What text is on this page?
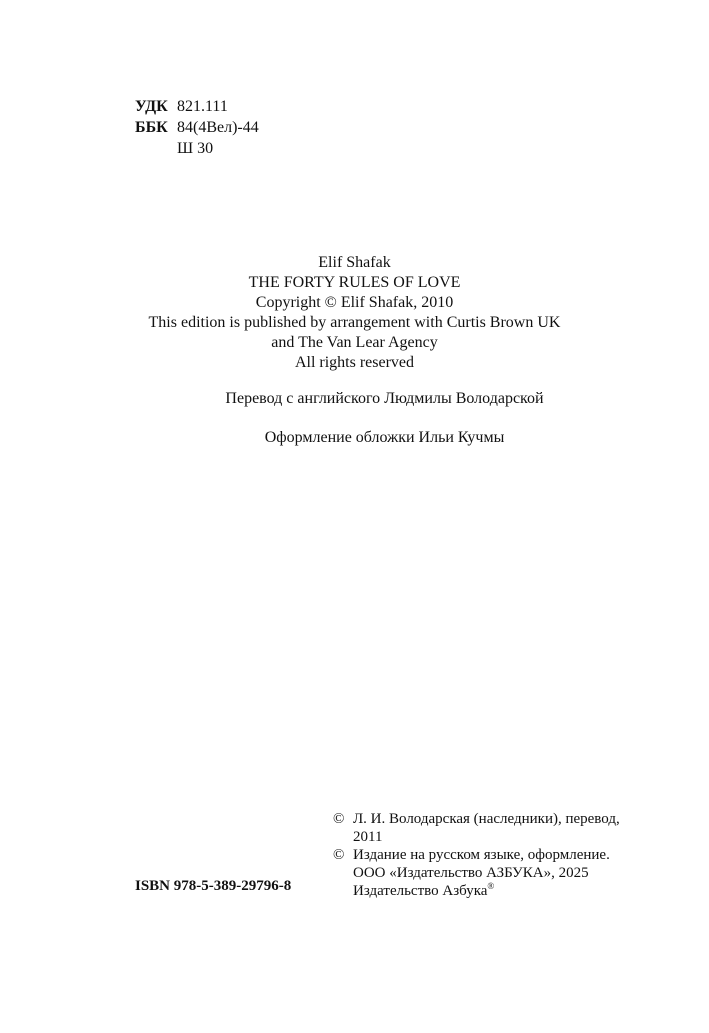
УДК 821.111
ББК 84(4Вел)-44
Ш 30
Elif Shafak
THE FORTY RULES OF LOVE
Copyright © Elif Shafak, 2010
This edition is published by arrangement with Curtis Brown UK
and The Van Lear Agency
All rights reserved
Перевод с английского Людмилы Володарской
Оформление обложки Ильи Кучмы
© Л. И. Володарская (наследники), перевод,
2011
© Издание на русском языке, оформление.
ООО «Издательство АЗБУКА», 2025
Издательство Азбука®
ISBN 978-5-389-29796-8
